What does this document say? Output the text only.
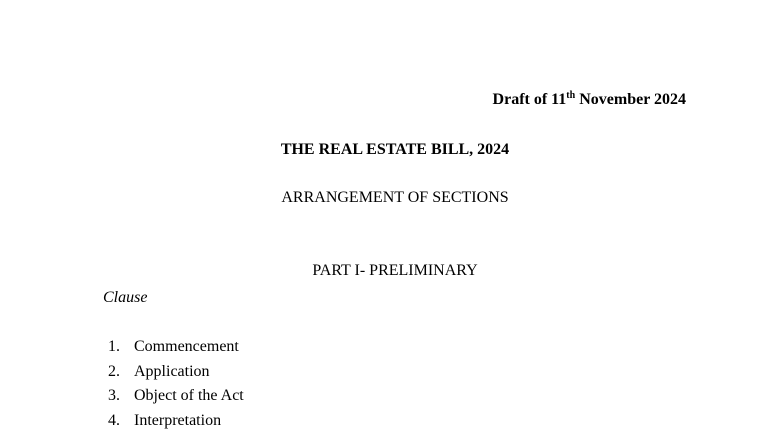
Draft of 11th November 2024
THE REAL ESTATE BILL, 2024
ARRANGEMENT OF SECTIONS
PART I- PRELIMINARY
Clause
1. Commencement
2. Application
3. Object of the Act
4. Interpretation
